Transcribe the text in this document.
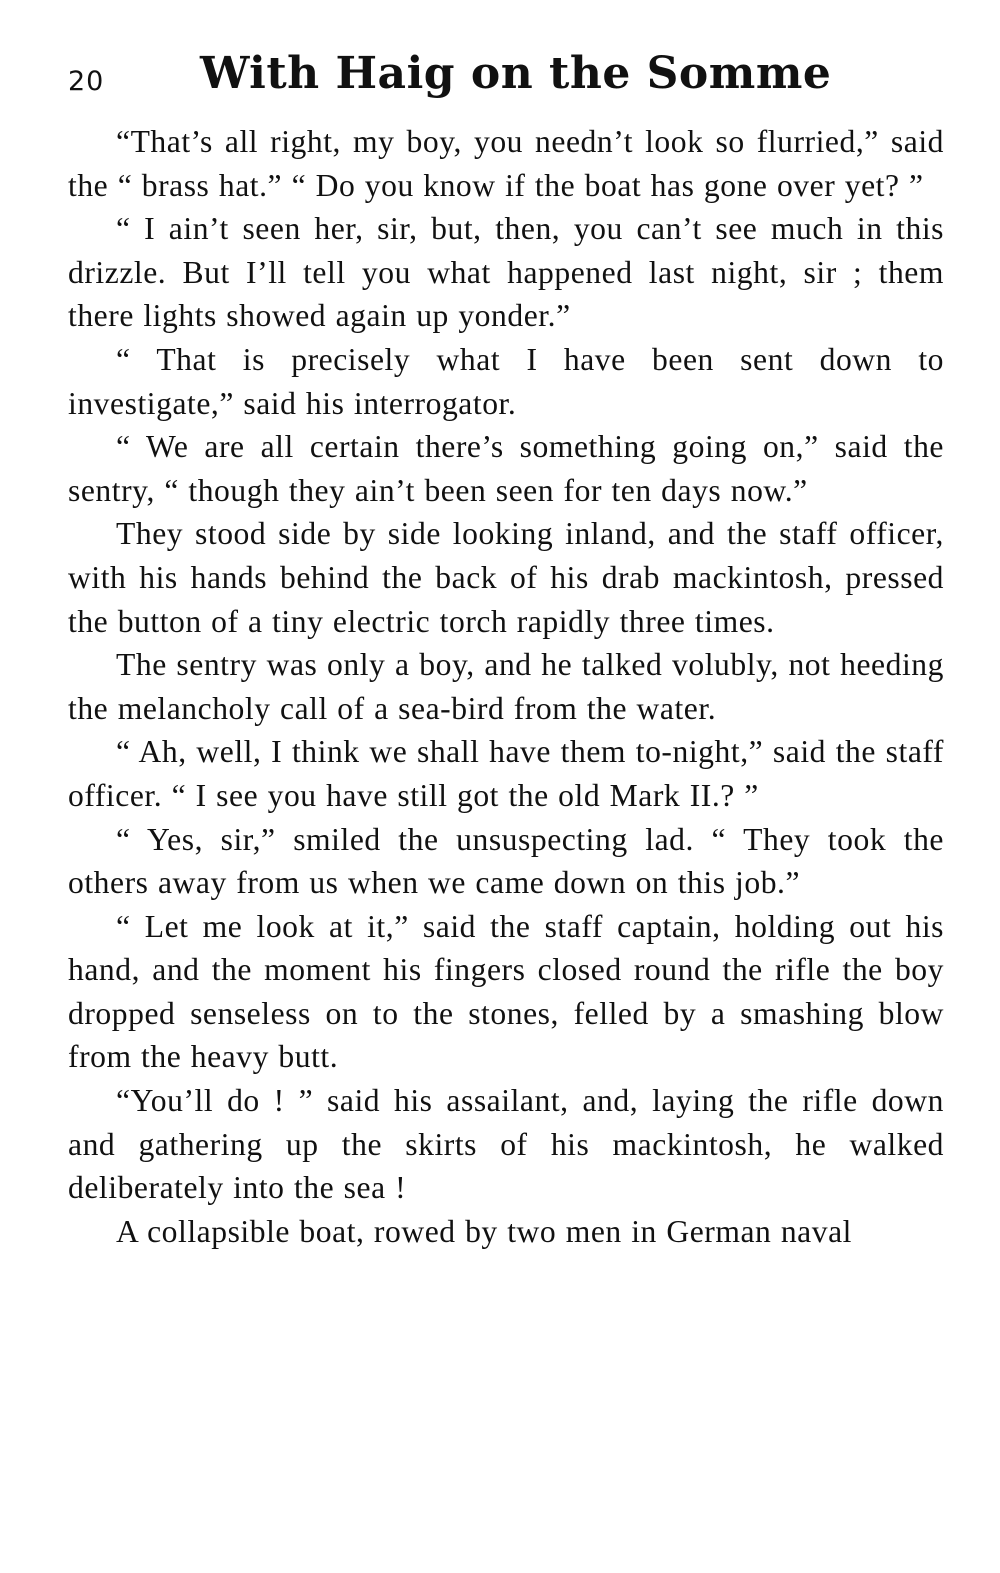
20 With Haig on the Somme

“That’s all right, my boy, you needn’t look so flurried,” said the “ brass hat.” “ Do you know if the boat has gone over yet? ”

“ I ain’t seen her, sir, but, then, you can’t see much in this drizzle. But I’ll tell you what happened last night, sir ; them there lights showed again up yonder.”

“ That is precisely what I have been sent down to investigate,” said his interrogator.

“ We are all certain there’s something going on,” said the sentry, “ though they ain’t been seen for ten days now.”

They stood side by side looking inland, and the staff officer, with his hands behind the back of his drab mackintosh, pressed the button of a tiny electric torch rapidly three times.

The sentry was only a boy, and he talked volubly, not heeding the melancholy call of a sea-bird from the water.

“ Ah, well, I think we shall have them to-night,” said the staff officer. “ I see you have still got the old Mark II.? ”

“ Yes, sir,” smiled the unsuspecting lad. “ They took the others away from us when we came down on this job.”

“ Let me look at it,” said the staff captain, holding out his hand, and the moment his fingers closed round the rifle the boy dropped senseless on to the stones, felled by a smashing blow from the heavy butt.

“You’ll do ! ” said his assailant, and, laying the rifle down and gathering up the skirts of his mackintosh, he walked deliberately into the sea !

A collapsible boat, rowed by two men in German naval
